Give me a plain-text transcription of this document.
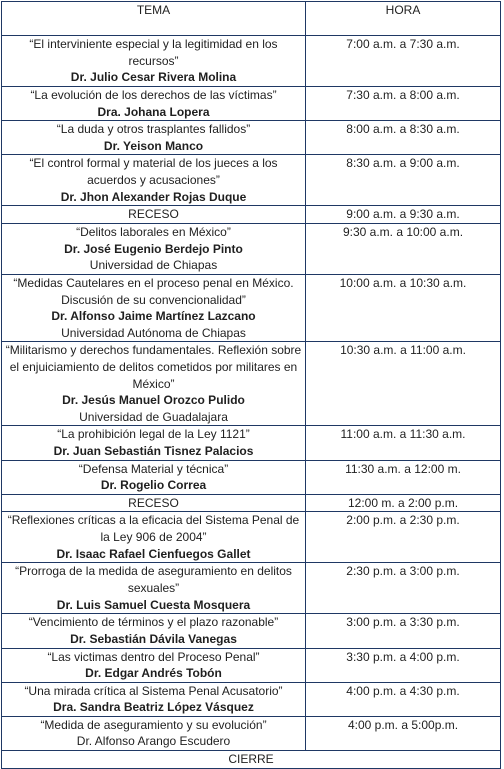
TEMA	HORA

“El interviniente especial y la legitimidad en los recursos”
Dr. Julio Cesar Rivera Molina	7:00 a.m. a 7:30 a.m.

“La evolución de los derechos de las víctimas”
Dra. Johana Lopera	7:30 a.m. a 8:00 a.m.

“La duda y otros trasplantes fallidos”
Dr. Yeison Manco	8:00 a.m. a 8:30 a.m.

“El control formal y material de los jueces a los acuerdos y acusaciones”
Dr. Jhon Alexander Rojas Duque	8:30 a.m. a 9:00 a.m.
RECESO	9:00 a.m. a 9:30 a.m.

“Delitos laborales en México”
Dr. José Eugenio Berdejo Pinto
Universidad de Chiapas	9:30 a.m. a 10:00 a.m.

“Medidas Cautelares en el proceso penal en México. Discusión de su convencionalidad”
Dr. Alfonso Jaime Martínez Lazcano
Universidad Autónoma de Chiapas	10:00 a.m. a 10:30 a.m.

“Militarismo y derechos fundamentales. Reflexión sobre el enjuiciamiento de delitos cometidos por militares en México”
Dr. Jesús Manuel Orozco Pulido
Universidad de Guadalajara	10:30 a.m. a 11:00 a.m.

“La prohibición legal de la Ley 1121”
Dr. Juan Sebastián Tisnez Palacios	11:00 a.m. a 11:30 a.m.

“Defensa Material y técnica”
Dr. Rogelio Correa	11:30 a.m. a 12:00 m.
RECESO	12:00 m. a 2:00 p.m.

“Reflexiones críticas a la eficacia del Sistema Penal de la Ley 906 de 2004”
Dr. Isaac Rafael Cienfuegos Gallet	2:00 p.m. a 2:30 p.m.

“Prorroga de la medida de aseguramiento en delitos sexuales”
Dr. Luis Samuel Cuesta Mosquera	2:30 p.m. a 3:00 p.m.

“Vencimiento de términos y el plazo razonable”
Dr. Sebastián Dávila Vanegas	3:00 p.m. a 3:30 p.m.

“Las victimas dentro del Proceso Penal”
Dr. Edgar Andrés Tobón	3:30 p.m. a 4:00 p.m.

“Una mirada crítica al Sistema Penal Acusatorio”
Dra. Sandra Beatriz López Vásquez	4:00 p.m. a 4:30 p.m.

“Medida de aseguramiento y su evolución”
Dr. Alfonso Arango Escudero	4:00 p.m. a 5:00p.m.
CIERRE	
